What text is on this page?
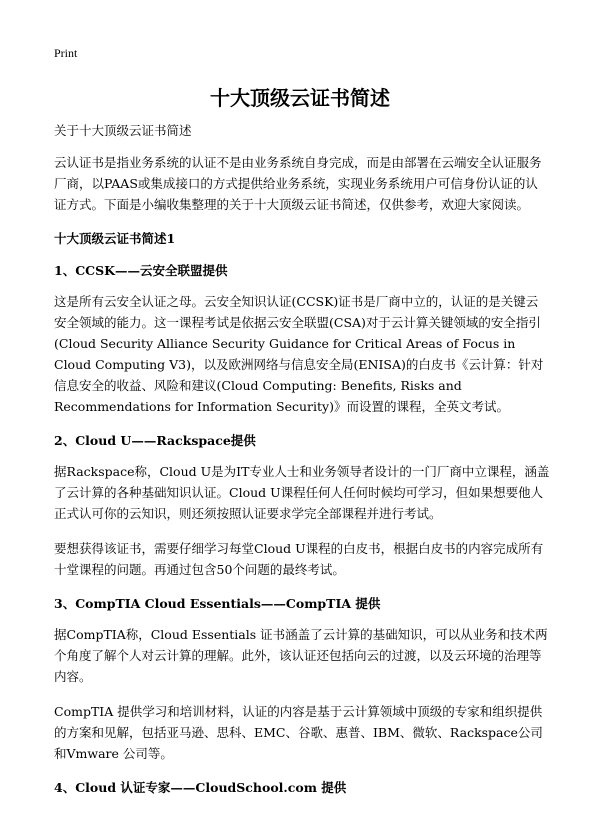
Print
十大顶级云证书简述

关于十大顶级云证书简述

云认证书是指业务系统的认证不是由业务系统自身完成，而是由部署在云端安全认证服务厂商，以PAAS或集成接口的方式提供给业务系统，实现业务系统用户可信身份认证的认证方式。下面是小编收集整理的关于十大顶级云证书简述，仅供参考，欢迎大家阅读。

十大顶级云证书简述1
1、CCSK——云安全联盟提供

这是所有云安全认证之母。云安全知识认证(CCSK)证书是厂商中立的，认证的是关键云安全领域的能力。这一课程考试是依据云安全联盟(CSA)对于云计算关键领域的安全指引(Cloud Security Alliance Security Guidance for Critical Areas of Focus in Cloud Computing V3)，以及欧洲网络与信息安全局(ENISA)的白皮书《云计算：针对信息安全的收益、风险和建议(Cloud Computing: Benefits, Risks and Recommendations for Information Security)》而设置的课程，全英文考试。

2、Cloud U——Rackspace提供

据Rackspace称，Cloud U是为IT专业人士和业务领导者设计的一门厂商中立课程，涵盖了云计算的各种基础知识认证。Cloud U课程任何人任何时候均可学习，但如果想要他人正式认可你的云知识，则还须按照认证要求学完全部课程并进行考试。

要想获得该证书，需要仔细学习每堂Cloud U课程的白皮书，根据白皮书的内容完成所有十堂课程的问题。再通过包含50个问题的最终考试。

3、CompTIA Cloud Essentials——CompTIA 提供

据CompTIA称，Cloud Essentials 证书涵盖了云计算的基础知识，可以从业务和技术两个角度了解个人对云计算的理解。此外，该认证还包括向云的过渡，以及云环境的治理等内容。

CompTIA 提供学习和培训材料，认证的内容是基于云计算领域中顶级的专家和组织提供的方案和见解，包括亚马逊、思科、EMC、谷歌、惠普、IBM、微软、Rackspace公司和Vmware 公司等。

4、Cloud 认证专家——CloudSchool.com 提供
